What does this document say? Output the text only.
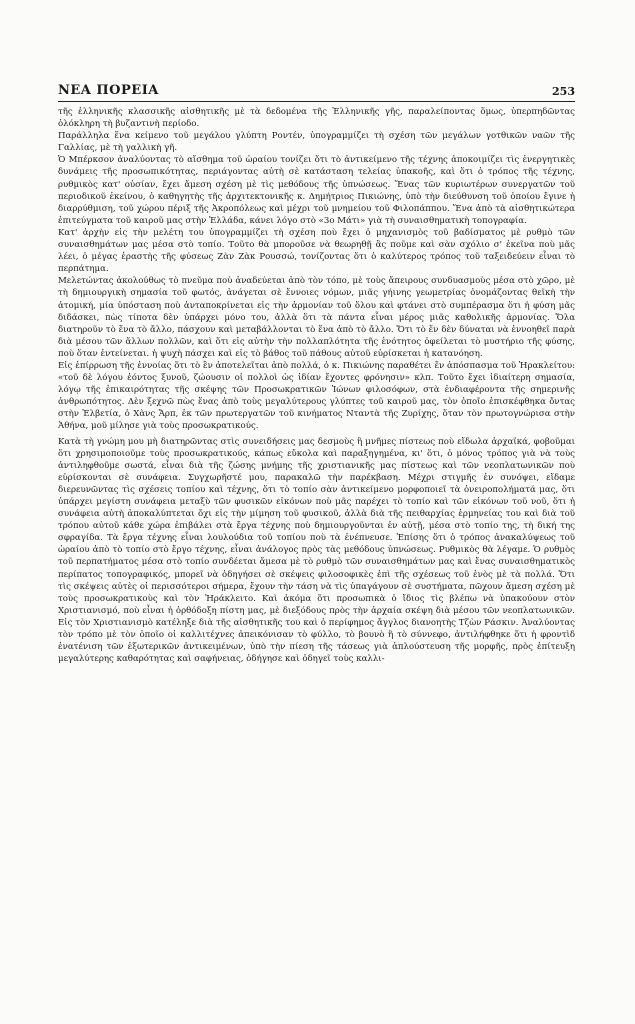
ΝΕΑ ΠΟΡΕΙΑ	253

τῆς ἑλληνικῆς κλασσικῆς αἰσθητικῆς μὲ τὰ δεδομένα τῆς Ἑλληνικῆς γῆς, παραλείποντας ὅμως, ὑπερπηδῶντας ὁλόκληρη τὴ βυζαντινὴ περίοδο.

Παράλληλα ἕνα κείμενο τοῦ μεγάλου γλύπτη Ροντέν, ὑπογραμμίζει τὴ σχέση τῶν μεγάλων γοτθικῶν ναῶν τῆς Γαλλίας, μὲ τὴ γαλλικὴ γῆ.

Ὁ Μπέρκσον ἀναλύοντας τὸ αἴσθημα τοῦ ὡραίου τονίζει ὅτι τὸ ἀντικείμενο τῆς τέχνης ἀποκοιμίζει τὶς ἐνεργητικὲς δυνάμεις τῆς προσωπικότητας, περιάγοντας αὐτὴ σὲ κατάσταση τελείας ὑπακοῆς, καὶ ὅτι ὁ τρόπος τῆς τέχνης, ρυθμικὸς κατ' οὐσίαν, ἔχει ἄμεση σχέση μὲ τὶς μεθόδους τῆς ὑπνώσεως. Ἕνας τῶν κυριωτέρων συνεργατῶν τοῦ περιοδικοῦ ἐκείνου, ὁ καθηγητὴς τῆς ἀρχιτεκτονικῆς κ. Δημήτριος Πικιώνης, ὑπὸ τὴν διεύθυνση τοῦ ὁποίου ἔγινε ἡ διαρρύθμιση, τοῦ χώρου πέριξ τῆς Ἀκροπόλεως καὶ μέχρι τοῦ μνημείου τοῦ Φιλοπάππου. Ἕνα ἀπὸ τὰ αἰσθητικώτερα ἐπιτεύγματα τοῦ καιροῦ μας στὴν Ἑλλάδα, κάνει λόγο στὸ «3ο Μάτι» γιὰ τὴ συναισθηματικὴ τοπογραφία.

Κατ' ἀρχὴν εἰς τὴν μελέτη του ὑπογραμμίζει τὴ σχέση ποὺ ἔχει ὁ μηχανισμὸς τοῦ βαδίσματος μὲ ρυθμὸ τῶν συναισθημάτων μας μέσα στὸ τοπίο. Τοῦτο θὰ μποροῦσε νὰ θεωρηθῇ ἂς ποῦμε καὶ σὰν σχόλιο σ' ἐκεῖνα ποὺ μᾶς λέει, ὁ μέγας ἐραστὴς τῆς φύσεως Ζὰν Ζὰκ Ρουσσώ, τονίζοντας ὅτι ὁ καλύτερος τρόπος τοῦ ταξειδεύειν εἶναι τὸ περπάτημα.

Μελετώντας ἀκολούθως τὸ πνεῦμα ποὺ ἀναδεύεται ἀπὸ τὸν τόπο, μὲ τοὺς ἄπειρους συνδυασμοὺς μέσα στὸ χῶρο, μὲ τὴ δημιουργικὴ σημασία τοῦ φωτός, ἀνάγεται σὲ ἔννοιες νόμων, μιᾶς γήινης γεωμετρίας ὀνομάζοντας θεϊκὴ τὴν ἀτομική, μία ὑπόσταση ποὺ ἀνταποκρίνεται εἰς τὴν ἁρμονίαν τοῦ ὅλου καὶ φτάνει στὸ συμπέρασμα ὅτι ἡ φύση μᾶς διδάσκει, πὼς τίποτα δὲν ὑπάρχει μόνο του, ἀλλὰ ὅτι τὰ πάντα εἶναι μέρος μιᾶς καθολικῆς ἁρμονίας. Ὅλα διατηροῦν τὸ ἕνα τὸ ἄλλο, πάσχουν καὶ μεταβάλλονται τὸ ἕνα ἀπὸ τὸ ἄλλο. Ὅτι τὸ ἕν δὲν δύναται νὰ ἐννοηθεῖ παρὰ διὰ μέσου τῶν ἄλλων πολλῶν, καὶ ὅτι εἰς αὐτὴν τὴν πολλαπλότητα τῆς ἑνότητος ὀφείλεται τὸ μυστήριο τῆς φύσης, ποὺ ὅταν ἐντείνεται. ἡ ψυχὴ πάσχει καὶ εἰς τὸ βάθος τοῦ πάθους αὐτοῦ εὑρίσκεται ἡ κατανόηση.

Εἰς ἐπίρρωση τῆς ἐννοίας ὅτι τὸ ἓν ἀποτελεῖται ἀπὸ πολλά, ὁ κ. Πικιώνης παραθέτει ἕν ἀπόσπασμα τοῦ Ἡρακλείτου: «τοῦ δὲ λόγου ἐόντος ξυνοῦ, ζώουσιν οἱ πολλοὶ ὡς ἰδίαν ἔχοντες φρόνησιν» κλπ. Τοῦτο ἔχει ἰδιαίτερη σημασία, λόγῳ τῆς ἐπικαιρότητας τῆς σκέψης τῶν Προσωκρατικῶν Ἰώνων φιλοσόφων, στὰ ἐνδιαφέροντα τῆς σημερινῆς ἀνθρωπότητος. Δὲν ξεχνῶ πὼς ἕνας ἀπὸ τοὺς μεγαλύτερους γλύπτες τοῦ καιροῦ μας, τὸν ὁποῖο ἐπισκέφθηκα ὄντας στὴν Ἑλβετία, ὁ Χὰνς Ἄρπ, ἐκ τῶν πρωτεργατῶν τοῦ κινήματος Νταντὰ τῆς Ζυρίχης, ὅταν τὸν πρωτογνώρισα στὴν Ἀθήνα, μοῦ μίλησε γιὰ τοὺς προσωκρατικούς.

Κατὰ τὴ γνώμη μου μὴ διατηρῶντας στὶς συνειδήσεις μας δεσμοὺς ἢ μνῆμες πίστεως ποὺ εἴδωλα ἀρχαϊκά, φοβοῦμαι ὅτι χρησιμοποιοῦμε τοὺς προσωκρατικούς, κάπως εὔκολα καὶ παραξηγημένα, κι' ὅτι, ὁ μόνος τρόπος γιὰ νὰ τοὺς ἀντιληφθοῦμε σωστά, εἶναι διὰ τῆς ζώσης μνήμης τῆς χριστιανικῆς μας πίστεως καὶ τῶν νεοπλατωνικῶν ποὺ εὑρίσκονται σὲ συνάφεια. Συγχωρῆστέ μου, παρακαλῶ τὴν παρέκβαση. Μέχρι στιγμῆς ἐν συνόψει, εἴδαμε διερευνῶντας τὶς σχέσεις τοπίου καὶ τέχνης, ὅτι τὸ τοπίο σὰν ἀντικείμενο μορφοποιεῖ τὰ ὀνειροπολήματά μας, ὅτι ὑπάρχει μεγίστη συνάφεια μεταξὺ τῶν φυσικῶν εἰκόνων ποὺ μᾶς παρέχει τὸ τοπίο καὶ τῶν εἰκόνων τοῦ νοῦ, ὅτι ἡ συνάφεια αὐτὴ ἀποκαλύπτεται ὄχι εἰς τὴν μίμηση τοῦ φυσικοῦ, ἀλλὰ διὰ τῆς πειθαρχίας ἑρμηνείας του καὶ διὰ τοῦ τρόπου αὐτοῦ κάθε χώρα ἐπιβάλει στὰ ἔργα τέχνης ποὺ δημιουργοῦνται ἐν αὐτῇ, μέσα στὸ τοπίο της, τὴ δική της σφραγίδα. Τὰ ἔργα τέχνης εἶναι λουλούδια τοῦ τοπίου ποὺ τὰ ἐνέπνευσε. Ἐπίσης ὅτι ὁ τρόπος ἀνακαλύψεως τοῦ ὡραίου ἀπὸ τὸ τοπίο στὸ ἔργο τέχνης, εἶναι ἀνάλογος πρὸς τὰς μεθόδους ὑπνώσεως. Ρυθμικὸς θὰ λέγαμε. Ὁ ρυθμὸς τοῦ περπατήματος μέσα στὸ τοπίο συνδέεται ἄμεσα μὲ τὸ ρυθμὸ τῶν συναισθημάτων μας καὶ ἔνας συναισθηματικὸς περίπατος τοπογραφικός, μπορεῖ νὰ ὁδηγήσει σὲ σκέψεις φιλοσοφικὲς ἐπὶ τῆς σχέσεως τοῦ ἑνὸς μὲ τὰ πολλά. Ὅτι τὶς σκέψεις αὐτὲς οἱ περισσότεροι σήμερα, ἔχουν τὴν τάση νὰ τὶς ὑπαγάγουν σὲ συστήματα, πῶχουν ἄμεση σχέση μὲ τοὺς προσωκρατικοὺς καὶ τὸν Ἡράκλειτο. Καὶ ἀκόμα ὅτι προσωπικὰ ὁ ἴδιος τὶς βλέπω νὰ ὑπακούουν στὸν Χριστιανισμό, ποὺ εἶναι ἡ ὀρθόδοξη πίστη μας, μὲ διεξόδους πρὸς τὴν ἀρχαία σκέψη διὰ μέσου τῶν νεοπλατωνικῶν. Εἰς τὸν Χριστιανισμὸ κατέληξε διὰ τῆς αἰσθητικῆς του καὶ ὁ περίφημος ἄγγλος διανοητὴς Τζὼν Ράσκιν. Ἀναλύοντας τὸν τρόπο μὲ τὸν ὁποῖο οἱ καλλιτέχνες ἀπεικόνισαν τὸ φύλλο, τὸ βουνὸ ἢ τὸ σύννεφο, ἀντιλήφθηκε ὅτι ἡ φροντὶδ ἐνατένιση τῶν ἐξωτερικῶν ἀντικειμένων, ὑπὸ τὴν πίεση τῆς τάσεως γιὰ ἁπλούστευση τῆς μορφῆς, πρὸς ἐπίτευξη μεγαλύτερης καθαρότητας καὶ σαφήνειας, ὁδήγησε καὶ ὁδηγεῖ τοὺς καλλι-
